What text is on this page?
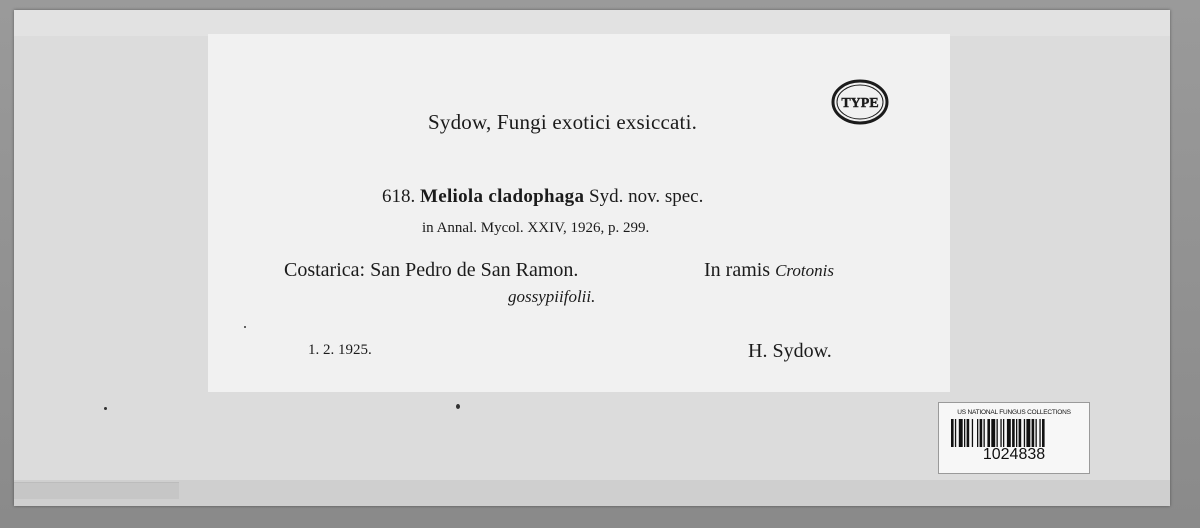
Sydow, Fungi exotici exsiccati.
618. Meliola cladophaga Syd. nov. spec.
in Annal. Mycol. XXIV, 1926, p. 299.
Costarica: San Pedro de San Ramon.	In ramis Crotonis
gossypiifolii.
1. 2. 1925.	H. Sydow.
TYPE
US NATIONAL FUNGUS COLLECTIONS
1024838
